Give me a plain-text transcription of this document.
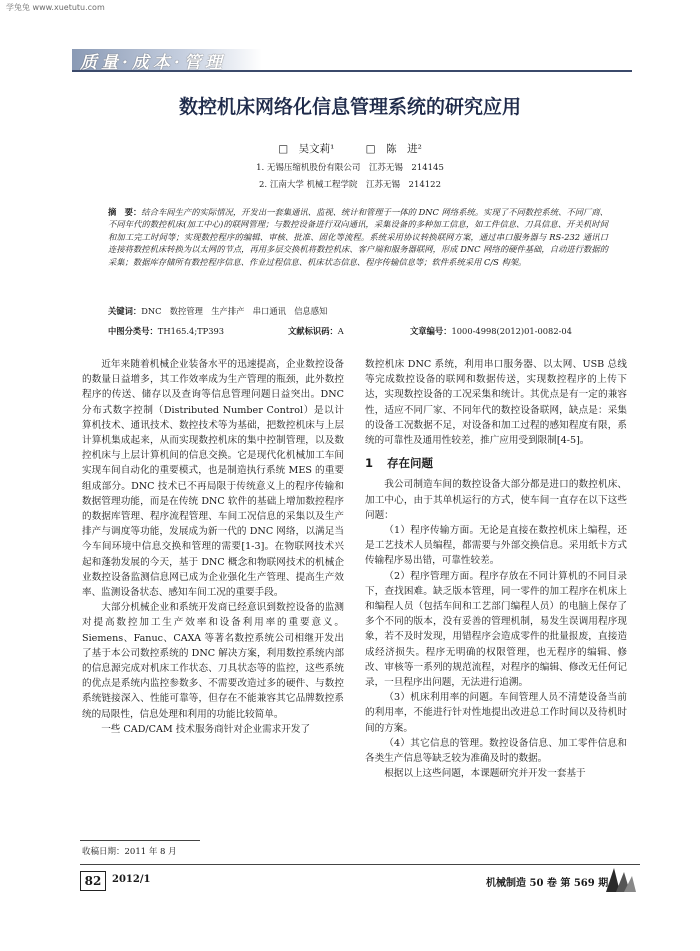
学兔兔 www.xuetutu.com
质量·成本·管理
数控机床网络化信息管理系统的研究应用
□　吴文莉¹	□　陈　进²
1. 无锡压缩机股份有限公司　江苏无锡　214145
2. 江南大学 机械工程学院　江苏无锡　214122
摘　要：结合车间生产的实际情况，开发出一套集通讯、监视、统计和管理于一体的 DNC 网络系统。实现了不同数控系统、不同厂商、不同年代的数控机床(加工中心)的联网管理；与数控设备进行双向通讯，采集设备的多种加工信息，如工件信息、刀具信息、开关机时间和加工完工时间等；实现数控程序的编辑、审核、批准、固化等流程。系统采用协议转换联网方案，通过串口服务器与 RS-232 通讯口连接将数控机床转换为以太网的节点，再用多层交换机将数控机床、客户端和服务器联网，形成 DNC 网络的硬件基础，自动进行数据的采集；数据库存储所有数控程序信息、作业过程信息、机床状态信息、程序传输信息等；软件系统采用 C/S 构架。
关键词：DNC　数控管理　生产排产　串口通讯　信息感知
中图分类号：TH165.4;TP393	文献标识码：A	文章编号：1000-4998(2012)01-0082-04

近年来随着机械企业装备水平的迅速提高，企业数控设备的数量日益增多，其工作效率成为生产管理的瓶颈，此外数控程序的传送、储存以及查询等信息管理问题日益突出。DNC 分布式数字控制（Distributed Number Control）是以计算机技术、通讯技术、数控技术等为基础，把数控机床与上层计算机集成起来，从而实现数控机床的集中控制管理，以及数控机床与上层计算机间的信息交换。它是现代化机械加工车间实现车间自动化的重要模式，也是制造执行系统 MES 的重要组成部分。DNC 技术已不再局限于传统意义上的程序传输和数据管理功能，而是在传统 DNC 软件的基础上增加数控程序的数据库管理、程序流程管理、车间工况信息的采集以及生产排产与调度等功能，发展成为新一代的 DNC 网络，以满足当今车间环境中信息交换和管理的需要[1-3]。在物联网技术兴起和蓬勃发展的今天，基于 DNC 概念和物联网技术的机械企业数控设备监测信息网已成为企业强化生产管理、提高生产效率、监测设备状态、感知车间工况的重要手段。

大部分机械企业和系统开发商已经意识到数控设备的监测对提高数控加工生产效率和设备利用率的重要意义。Siemens、Fanuc、CAXA 等著名数控系统公司相继开发出了基于本公司数控系统的 DNC 解决方案，利用数控系统内部的信息源完成对机床工作状态、刀具状态等的监控，这些系统的优点是系统内监控参数多、不需要改造过多的硬件、与数控系统链接深入、性能可靠等，但存在不能兼容其它品牌数控系统的局限性，信息处理和利用的功能比较简单。

一些 CAD/CAM 技术服务商针对企业需求开发了

数控机床 DNC 系统，利用串口服务器、以太网、USB 总线等完成数控设备的联网和数据传送，实现数控程序的上传下达，实现数控设备的工况采集和统计。其优点是有一定的兼容性，适应不同厂家、不同年代的数控设备联网，缺点是：采集的设备工况数据不足，对设备和加工过程的感知程度有限，系统的可靠性及通用性较差，推广应用受到限制[4-5]。

1 存在问题

我公司制造车间的数控设备大部分都是进口的数控机床、加工中心，由于其单机运行的方式，使车间一直存在以下这些问题：

（1）程序传输方面。无论是直接在数控机床上编程，还是工艺技术人员编程，都需要与外部交换信息。采用纸卡方式传输程序易出错，可靠性较差。

（2）程序管理方面。程序存放在不同计算机的不同目录下，查找困难。缺乏版本管理，同一零件的加工程序在机床上和编程人员（包括车间和工艺部门编程人员）的电脑上保存了多个不同的版本，没有妥善的管理机制，易发生误调用程序现象，若不及时发现，用错程序会造成零件的批量报废，直接造成经济损失。程序无明确的权限管理，也无程序的编辑、修改、审核等一系列的规范流程，对程序的编辑、修改无任何记录，一旦程序出问题，无法进行追溯。

（3）机床利用率的问题。车间管理人员不清楚设备当前的利用率，不能进行针对性地提出改进总工作时间以及待机时间的方案。

（4）其它信息的管理。数控设备信息、加工零件信息和各类生产信息等缺乏较为准确及时的数据。

根据以上这些问题，本课题研究并开发一套基于

收稿日期：2011 年 8 月
82	2012/1	机械制造 50 卷 第 569 期
